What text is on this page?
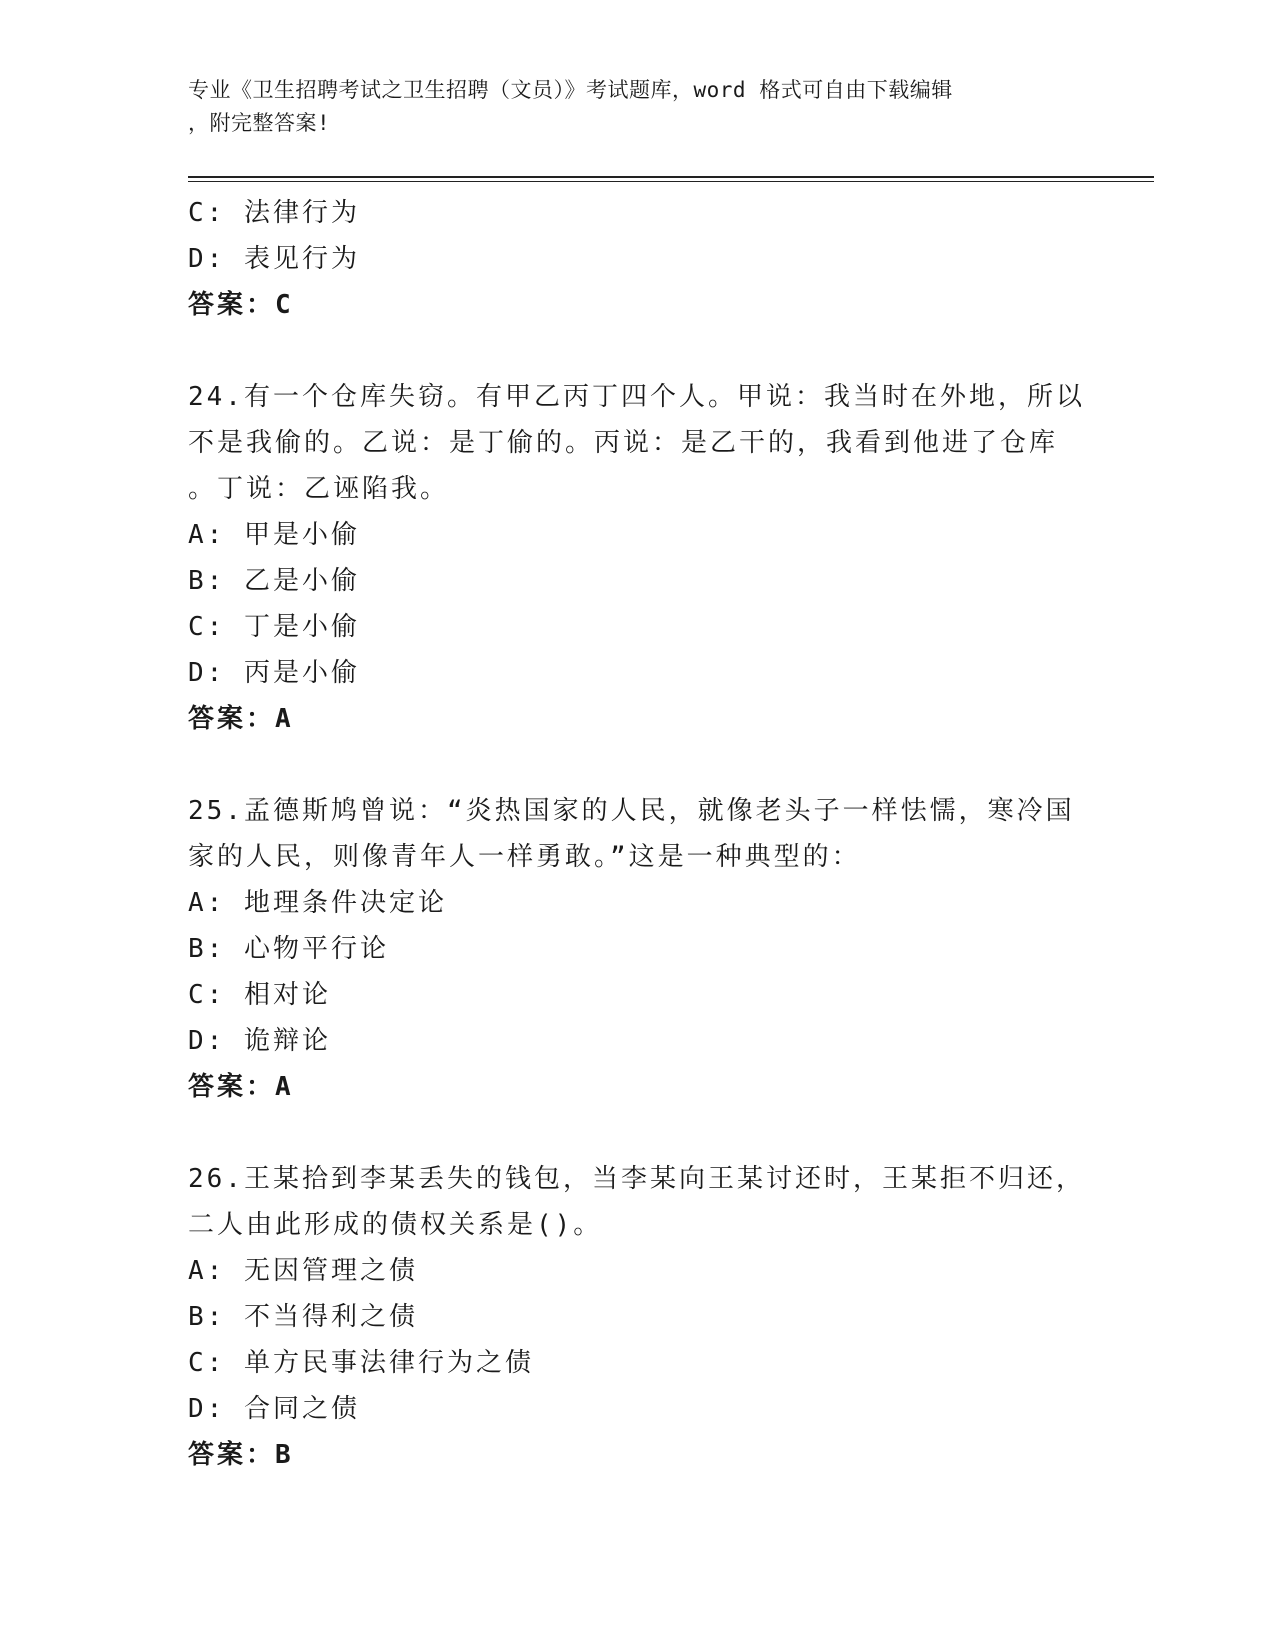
专业《卫生招聘考试之卫生招聘（文员）》考试题库，word 格式可自由下载编辑
，附完整答案!
C: 法律行为
D: 表见行为
答案：C
24.有一个仓库失窃。有甲乙丙丁四个人。甲说：我当时在外地，所以
不是我偷的。乙说：是丁偷的。丙说：是乙干的，我看到他进了仓库
。丁说：乙诬陷我。
A: 甲是小偷
B: 乙是小偷
C: 丁是小偷
D: 丙是小偷
答案：A
25.孟德斯鸠曾说：“炎热国家的人民，就像老头子一样怯懦，寒冷国
家的人民，则像青年人一样勇敢。”这是一种典型的：
A: 地理条件决定论
B: 心物平行论
C: 相对论
D: 诡辩论
答案：A
26.王某拾到李某丢失的钱包，当李某向王某讨还时，王某拒不归还，
二人由此形成的债权关系是()。
A: 无因管理之债
B: 不当得利之债
C: 单方民事法律行为之债
D: 合同之债
答案：B
